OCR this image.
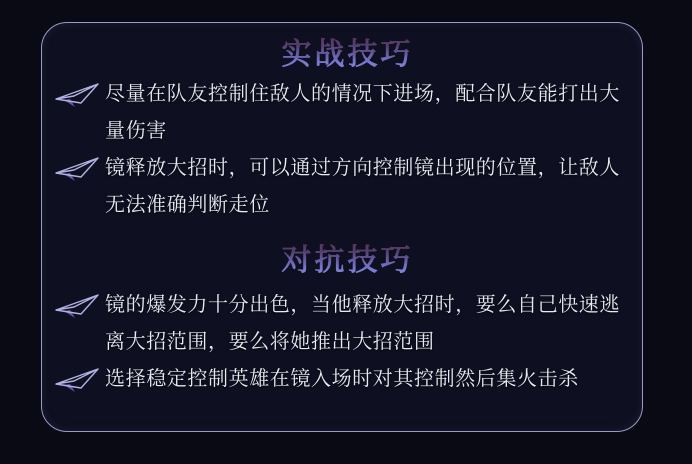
实战技巧
尽量在队友控制住敌人的情况下进场，配合队友能打出大量伤害
镜释放大招时，可以通过方向控制镜出现的位置，让敌人无法准确判断走位
对抗技巧
镜的爆发力十分出色，当他释放大招时，要么自己快速逃离大招范围，要么将她推出大招范围
选择稳定控制英雄在镜入场时对其控制然后集火击杀
